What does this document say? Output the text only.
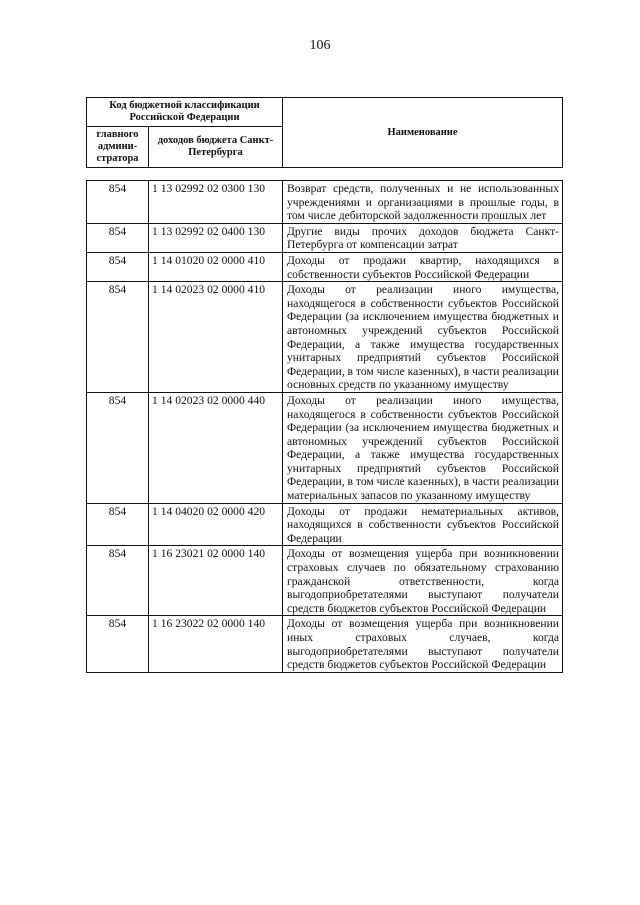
106
Код бюджетной классификации Российской Федерации		Наименование
главного админи- стратора	доходов бюджета Санкт-Петербурга	
854	1 13 02992 02 0300 130	Возврат средств, полученных и не использованных учреждениями и организациями в прошлые годы, в том числе дебиторской задолженности прошлых лет

854	1 13 02992 02 0400 130	Другие виды прочих доходов бюджета Санкт-Петербурга от компенсации затрат

854	1 14 01020 02 0000 410	Доходы от продажи квартир, находящихся в собственности субъектов Российской Федерации

854	1 14 02023 02 0000 410	Доходы от реализации иного имущества, находящегося в собственности субъектов Российской Федерации (за исключением имущества бюджетных и автономных учреждений субъектов Российской Федерации, а также имущества государственных унитарных предприятий субъектов Российской Федерации, в том числе казенных), в части реализации основных средств по указанному имуществу

854	1 14 02023 02 0000 440	Доходы от реализации иного имущества, находящегося в собственности субъектов Российской Федерации (за исключением имущества бюджетных и автономных учреждений субъектов Российской Федерации, а также имущества государственных унитарных предприятий субъектов Российской Федерации, в том числе казенных), в части реализации материальных запасов по указанному имуществу

854	1 14 04020 02 0000 420	Доходы от продажи нематериальных активов, находящихся в собственности субъектов Российской Федерации

854	1 16 23021 02 0000 140	Доходы от возмещения ущерба при возникновении страховых случаев по обязательному страхованию гражданской ответственности, когда выгодоприобретателями выступают получатели средств бюджетов субъектов Российской Федерации

854	1 16 23022 02 0000 140	Доходы от возмещения ущерба при возникновении иных страховых случаев, когда выгодоприобретателями выступают получатели средств бюджетов субъектов Российской Федерации
